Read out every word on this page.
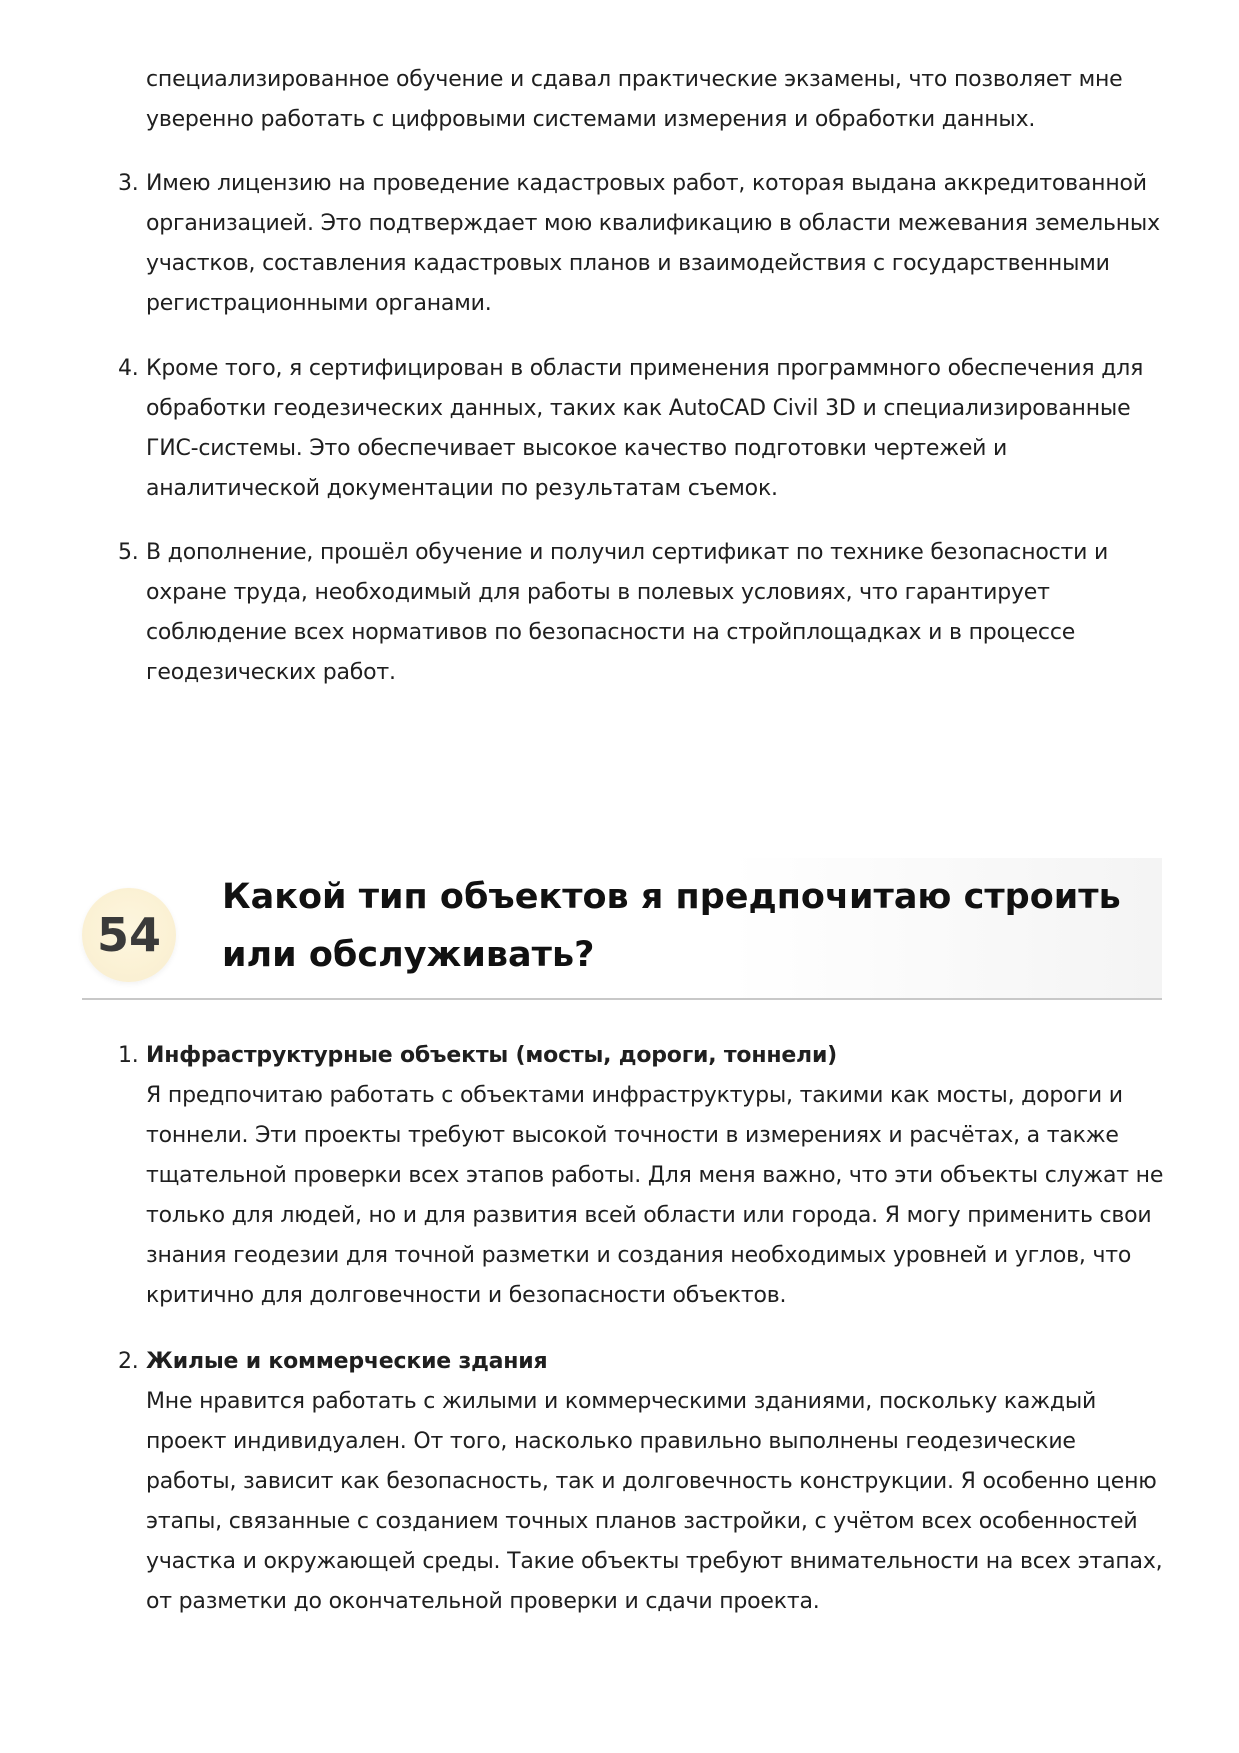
специализированное обучение и сдавал практические экзамены, что позволяет мне уверенно работать с цифровыми системами измерения и обработки данных.

3. Имею лицензию на проведение кадастровых работ, которая выдана аккредитованной организацией. Это подтверждает мою квалификацию в области межевания земельных участков, составления кадастровых планов и взаимодействия с государственными регистрационными органами.

4. Кроме того, я сертифицирован в области применения программного обеспечения для обработки геодезических данных, таких как AutoCAD Civil 3D и специализированные ГИС-системы. Это обеспечивает высокое качество подготовки чертежей и аналитической документации по результатам съемок.

5. В дополнение, прошёл обучение и получил сертификат по технике безопасности и охране труда, необходимый для работы в полевых условиях, что гарантирует соблюдение всех нормативов по безопасности на стройплощадках и в процессе геодезических работ.

54
Какой тип объектов я предпочитаю строить или обслуживать?
1. Инфраструктурные объекты (мосты, дороги, тоннели)
Я предпочитаю работать с объектами инфраструктуры, такими как мосты, дороги и тоннели. Эти проекты требуют высокой точности в измерениях и расчётах, а также тщательной проверки всех этапов работы. Для меня важно, что эти объекты служат не только для людей, но и для развития всей области или города. Я могу применить свои знания геодезии для точной разметки и создания необходимых уровней и углов, что критично для долговечности и безопасности объектов.
2. Жилые и коммерческие здания
Мне нравится работать с жилыми и коммерческими зданиями, поскольку каждый проект индивидуален. От того, насколько правильно выполнены геодезические работы, зависит как безопасность, так и долговечность конструкции. Я особенно ценю этапы, связанные с созданием точных планов застройки, с учётом всех особенностей участка и окружающей среды. Такие объекты требуют внимательности на всех этапах, от разметки до окончательной проверки и сдачи проекта.
